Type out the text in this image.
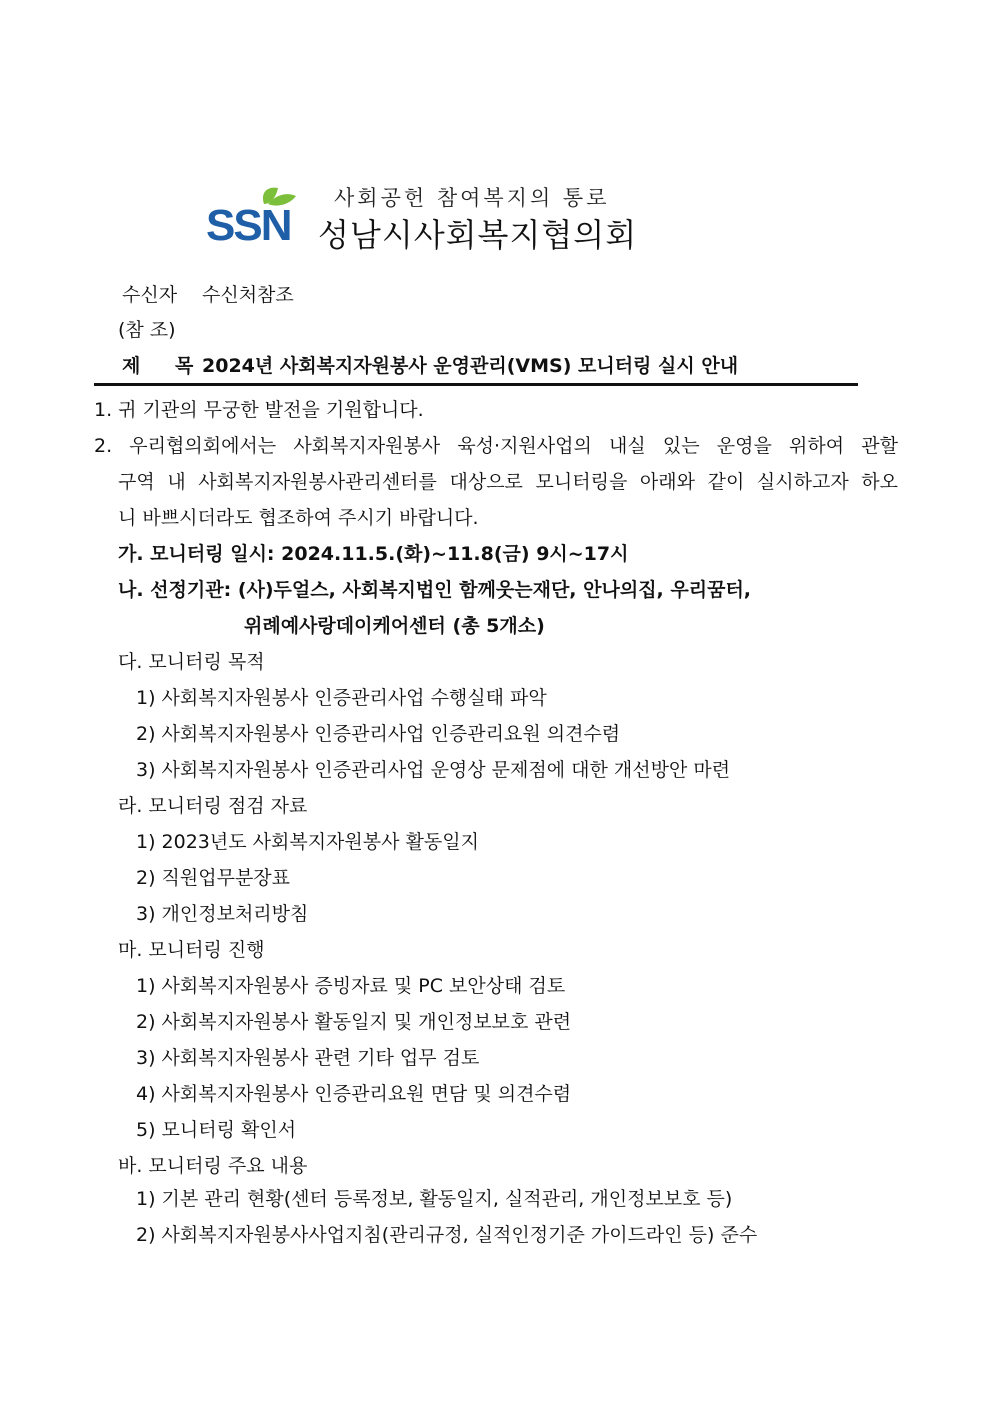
SSN
사회공헌 참여복지의 통로
성남시사회복지협의회
수신자 수신처참조
(참 조)
제 목2024년 사회복지자원봉사 운영관리(VMS) 모니터링 실시 안내
1. 귀 기관의 무궁한 발전을 기원합니다.
2. 우리협의회에서는 사회복지자원봉사 육성·지원사업의 내실 있는 운영을 위하여 관할
구역 내 사회복지자원봉사관리센터를 대상으로 모니터링을 아래와 같이 실시하고자 하오
니 바쁘시더라도 협조하여 주시기 바랍니다.
가. 모니터링 일시: 2024.11.5.(화)~11.8(금) 9시~17시
나. 선정기관: (사)두얼스, 사회복지법인 함께웃는재단, 안나의집, 우리꿈터,
위례예사랑데이케어센터 (총 5개소)
다. 모니터링 목적
1) 사회복지자원봉사 인증관리사업 수행실태 파악
2) 사회복지자원봉사 인증관리사업 인증관리요원 의견수렴
3) 사회복지자원봉사 인증관리사업 운영상 문제점에 대한 개선방안 마련
라. 모니터링 점검 자료
1) 2023년도 사회복지자원봉사 활동일지
2) 직원업무분장표
3) 개인정보처리방침
마. 모니터링 진행
1) 사회복지자원봉사 증빙자료 및 PC 보안상태 검토
2) 사회복지자원봉사 활동일지 및 개인정보보호 관련
3) 사회복지자원봉사 관련 기타 업무 검토
4) 사회복지자원봉사 인증관리요원 면담 및 의견수렴
5) 모니터링 확인서
바. 모니터링 주요 내용
1) 기본 관리 현황(센터 등록정보, 활동일지, 실적관리, 개인정보보호 등)
2) 사회복지자원봉사사업지침(관리규정, 실적인정기준 가이드라인 등) 준수
